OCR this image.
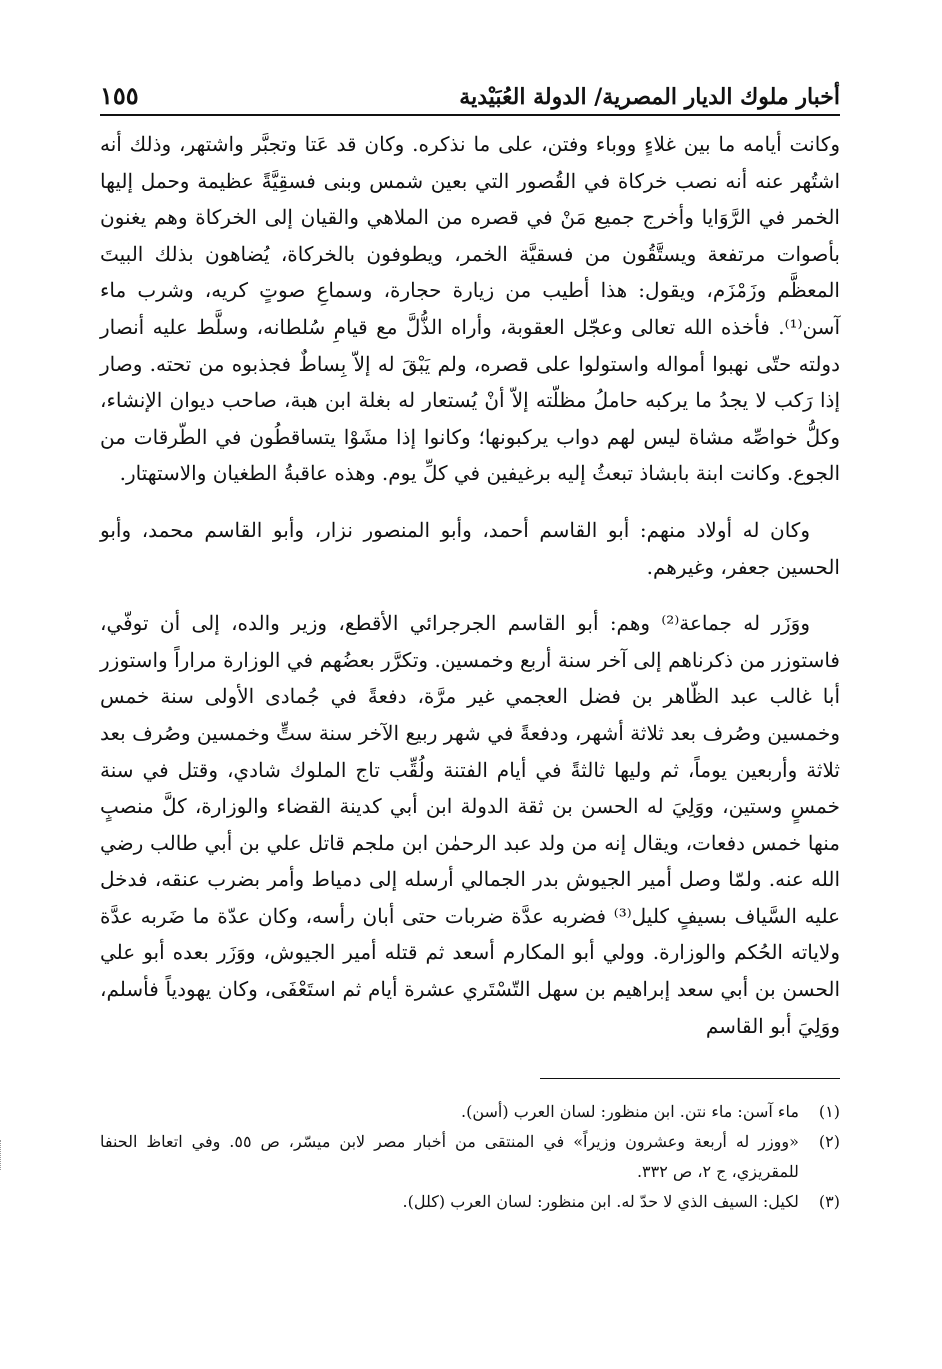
أخبار ملوك الديار المصرية/ الدولة العُبَيْدية
١٥٥

وكانت أيامه ما بين غلاءٍ ووباء وفتن، على ما نذكره. وكان قد عَتا وتجبَّر واشتهر، وذلك أنه اشتُهر عنه أنه نصب خركاة في القُصور التي بعين شمس وبنى فسقِيَّةً عظيمة وحمل إليها الخمر في الرَّوَايا وأخرج جميع مَنْ في قصره من الملاهي والقيان إلى الخركاة وهم يغنون بأصوات مرتفعة ويستَّقُون من فسقيَّة الخمر، ويطوفون بالخركاة، يُضاهون بذلك البيتَ المعظَّم وزَمْزَم، ويقول: هذا أطيب من زيارة حجارة، وسماعِ صوتٍ كريه، وشرب ماء آسن⁽¹⁾. فأخذه الله تعالى وعجّل العقوبة، وأراه الذُّلَّ مع قيامِ سُلطانه، وسلَّط عليه أنصار دولته حتّى نهبوا أمواله واستولوا على قصره، ولم يَبْقَ له إلاّ بِساطٌ فجذبوه من تحته. وصار إذا رَكب لا يجدُ ما يركبه حاملُ مظلّته إلاّ أنْ يُستعار له بغلة ابن هبة، صاحب ديوان الإنشاء، وكلُّ خواصِّه مشاة ليس لهم دواب يركبونها؛ وكانوا إذا مشَوْا يتساقطُون في الطّرقات من الجوع. وكانت ابنة بابشاذ تبعثُ إليه برغيفين في كلِّ يوم. وهذه عاقبةُ الطغيان والاستهتار.

وكان له أولاد منهم: أبو القاسم أحمد، وأبو المنصور نزار، وأبو القاسم محمد، وأبو الحسين جعفر، وغيرهم.

ووَزَر له جماعة⁽²⁾ وهم: أبو القاسم الجرجرائي الأقطع، وزير والده، إلى أن توفّي، فاستوزر من ذكرناهم إلى آخر سنة أربع وخمسين. وتكرَّر بعضُهم في الوزارة مراراً واستوزر أبا غالب عبد الظّاهر بن فضل العجمي غير مرَّة، دفعةً في جُمادى الأولى سنة خمس وخمسين وصُرف بعد ثلاثة أشهر، ودفعةً في شهر ربيع الآخر سنة ستٍّ وخمسين وصُرف بعد ثلاثة وأربعين يوماً، ثم وليها ثالثةً في أيام الفتنة ولُقِّب تاج الملوك شادي، وقتل في سنة خمسٍ وستين، ووَلِيَ له الحسن بن ثقة الدولة ابن أبي كدينة القضاء والوزارة، كلَّ منصبٍ منها خمس دفعات، ويقال إنه من ولد عبد الرحمٰن ابن ملجم قاتل علي بن أبي طالب رضي الله عنه. ولمّا وصل أمير الجيوش بدر الجمالي أرسله إلى دمياط وأمر بضرب عنقه، فدخل عليه السَّياف بسيفٍ كليل⁽³⁾ فضربه عدَّة ضربات حتى أبان رأسه، وكان عدّة ما ضَربه عدَّة ولاياته الحُكم والوزارة. وولي أبو المكارم أسعد ثم قتله أمير الجيوش، ووَزَر بعده أبو علي الحسن بن أبي سعد إبراهيم بن سهل التّسْتَري عشرة أيام ثم استَعْفَى، وكان يهودياً فأسلم، ووَلِيَ أبو القاسم

(١)
ماء آسن: ماء نتن. ابن منظور: لسان العرب (أسن).
(٢)
«ووزر له أربعة وعشرون وزيراً» في المنتقى من أخبار مصر لابن ميسّر، ص ٥٥. وفي اتعاظ الحنفا للمقريزي، ج ٢، ص ٣٣٢.
(٣)
لكيل: السيف الذي لا حدّ له. ابن منظور: لسان العرب (كلل).
